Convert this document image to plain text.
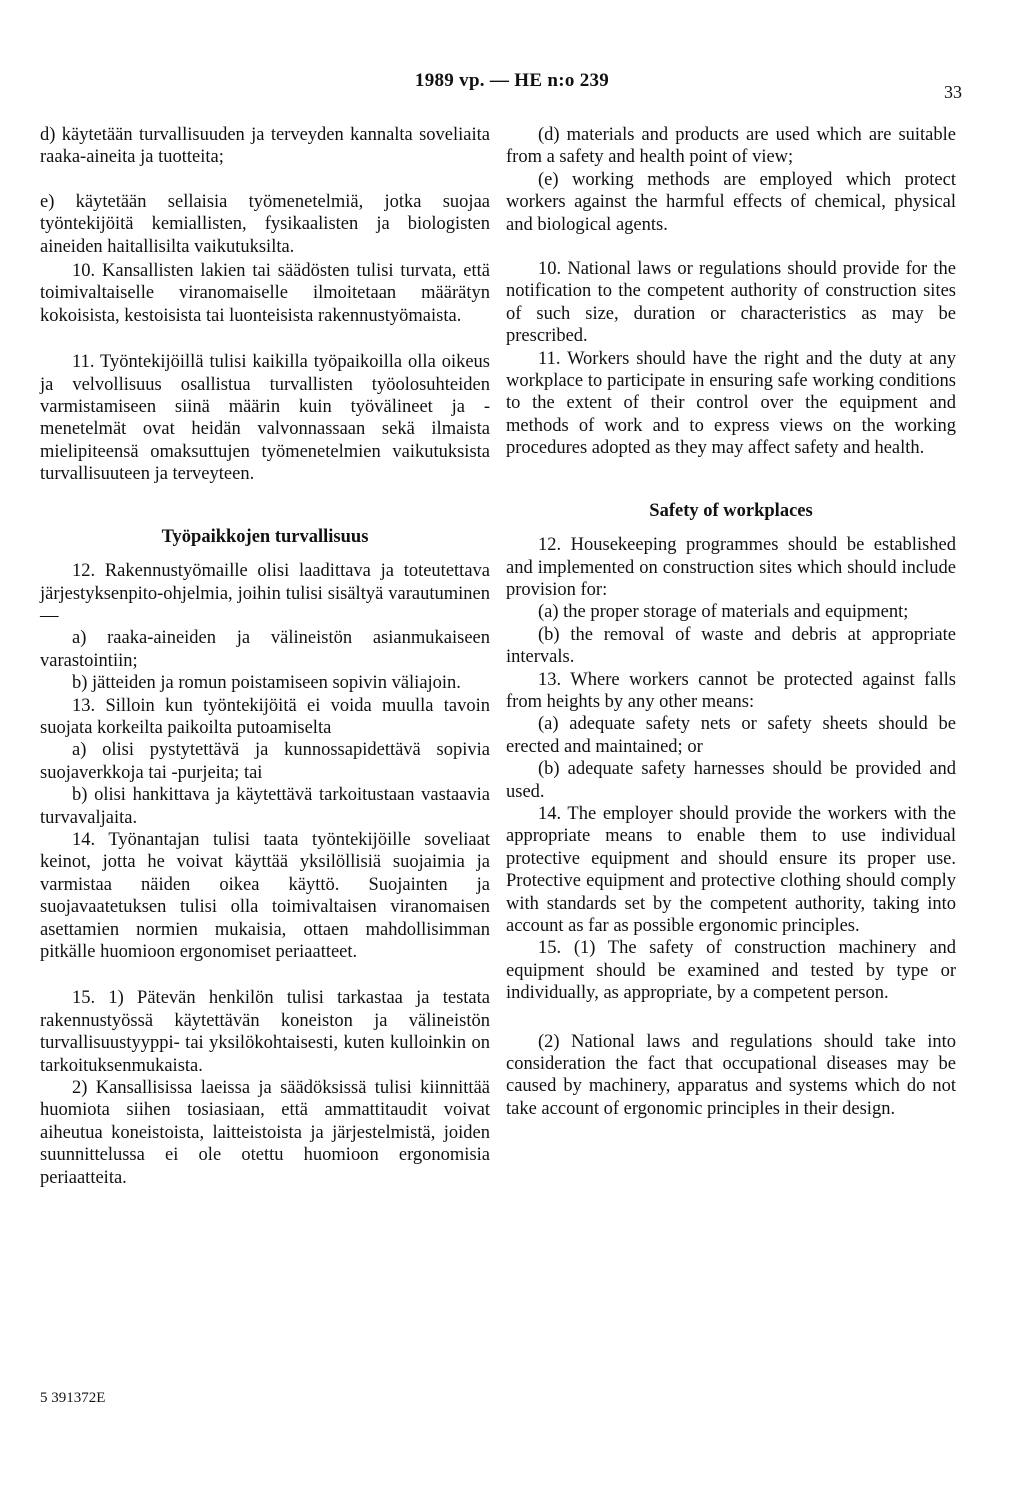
1989 vp. — HE n:o 239
33

d) käytetään turvallisuuden ja terveyden kannalta soveliaita raaka-aineita ja tuotteita;

e) käytetään sellaisia työmenetelmiä, jotka suojaa työntekijöitä kemiallisten, fysikaalisten ja biologisten aineiden haitallisilta vaikutuksilta.

10. Kansallisten lakien tai säädösten tulisi turvata, että toimivaltaiselle viranomaiselle ilmoitetaan määrätyn kokoisista, kestoisista tai luonteisista rakennustyömaista.

11. Työntekijöillä tulisi kaikilla työpaikoilla olla oikeus ja velvollisuus osallistua turvallisten työolosuhteiden varmistamiseen siinä määrin kuin työvälineet ja -menetelmät ovat heidän valvonnassaan sekä ilmaista mielipiteensä omaksuttujen työmenetelmien vaikutuksista turvallisuuteen ja terveyteen.

Työpaikkojen turvallisuus

12. Rakennustyömaille olisi laadittava ja toteutettava järjestyksenpito-ohjelmia, joihin tulisi sisältyä varautuminen —

a) raaka-aineiden ja välineistön asianmukaiseen varastointiin;

b) jätteiden ja romun poistamiseen sopivin väliajoin.

13. Silloin kun työntekijöitä ei voida muulla tavoin suojata korkeilta paikoilta putoamiselta

a) olisi pystytettävä ja kunnossapidettävä sopivia suojaverkkoja tai -purjeita; tai

b) olisi hankittava ja käytettävä tarkoitustaan vastaavia turvavaljaita.

14. Työnantajan tulisi taata työntekijöille soveliaat keinot, jotta he voivat käyttää yksilöllisiä suojaimia ja varmistaa näiden oikea käyttö. Suojainten ja suojavaatetuksen tulisi olla toimivaltaisen viranomaisen asettamien normien mukaisia, ottaen mahdollisimman pitkälle huomioon ergonomiset periaatteet.

15. 1) Pätevän henkilön tulisi tarkastaa ja testata rakennustyössä käytettävän koneiston ja välineistön turvallisuustyyppi- tai yksilökohtaisesti, kuten kulloinkin on tarkoituksenmukaista.

2) Kansallisissa laeissa ja säädöksissä tulisi kiinnittää huomiota siihen tosiasiaan, että ammattitaudit voivat aiheutua koneistoista, laitteistoista ja järjestelmistä, joiden suunnittelussa ei ole otettu huomioon ergonomisia periaatteita.

(d) materials and products are used which are suitable from a safety and health point of view;

(e) working methods are employed which protect workers against the harmful effects of chemical, physical and biological agents.

10. National laws or regulations should provide for the notification to the competent authority of construction sites of such size, duration or characteristics as may be prescribed.

11. Workers should have the right and the duty at any workplace to participate in ensuring safe working conditions to the extent of their control over the equipment and methods of work and to express views on the working procedures adopted as they may affect safety and health.

Safety of workplaces

12. Housekeeping programmes should be established and implemented on construction sites which should include provision for:

(a) the proper storage of materials and equipment;

(b) the removal of waste and debris at appropriate intervals.

13. Where workers cannot be protected against falls from heights by any other means:

(a) adequate safety nets or safety sheets should be erected and maintained; or

(b) adequate safety harnesses should be provided and used.

14. The employer should provide the workers with the appropriate means to enable them to use individual protective equipment and should ensure its proper use. Protective equipment and protective clothing should comply with standards set by the competent authority, taking into account as far as possible ergonomic principles.

15. (1) The safety of construction machinery and equipment should be examined and tested by type or individually, as appropriate, by a competent person.

(2) National laws and regulations should take into consideration the fact that occupational diseases may be caused by machinery, apparatus and systems which do not take account of ergonomic principles in their design.

5 391372E
